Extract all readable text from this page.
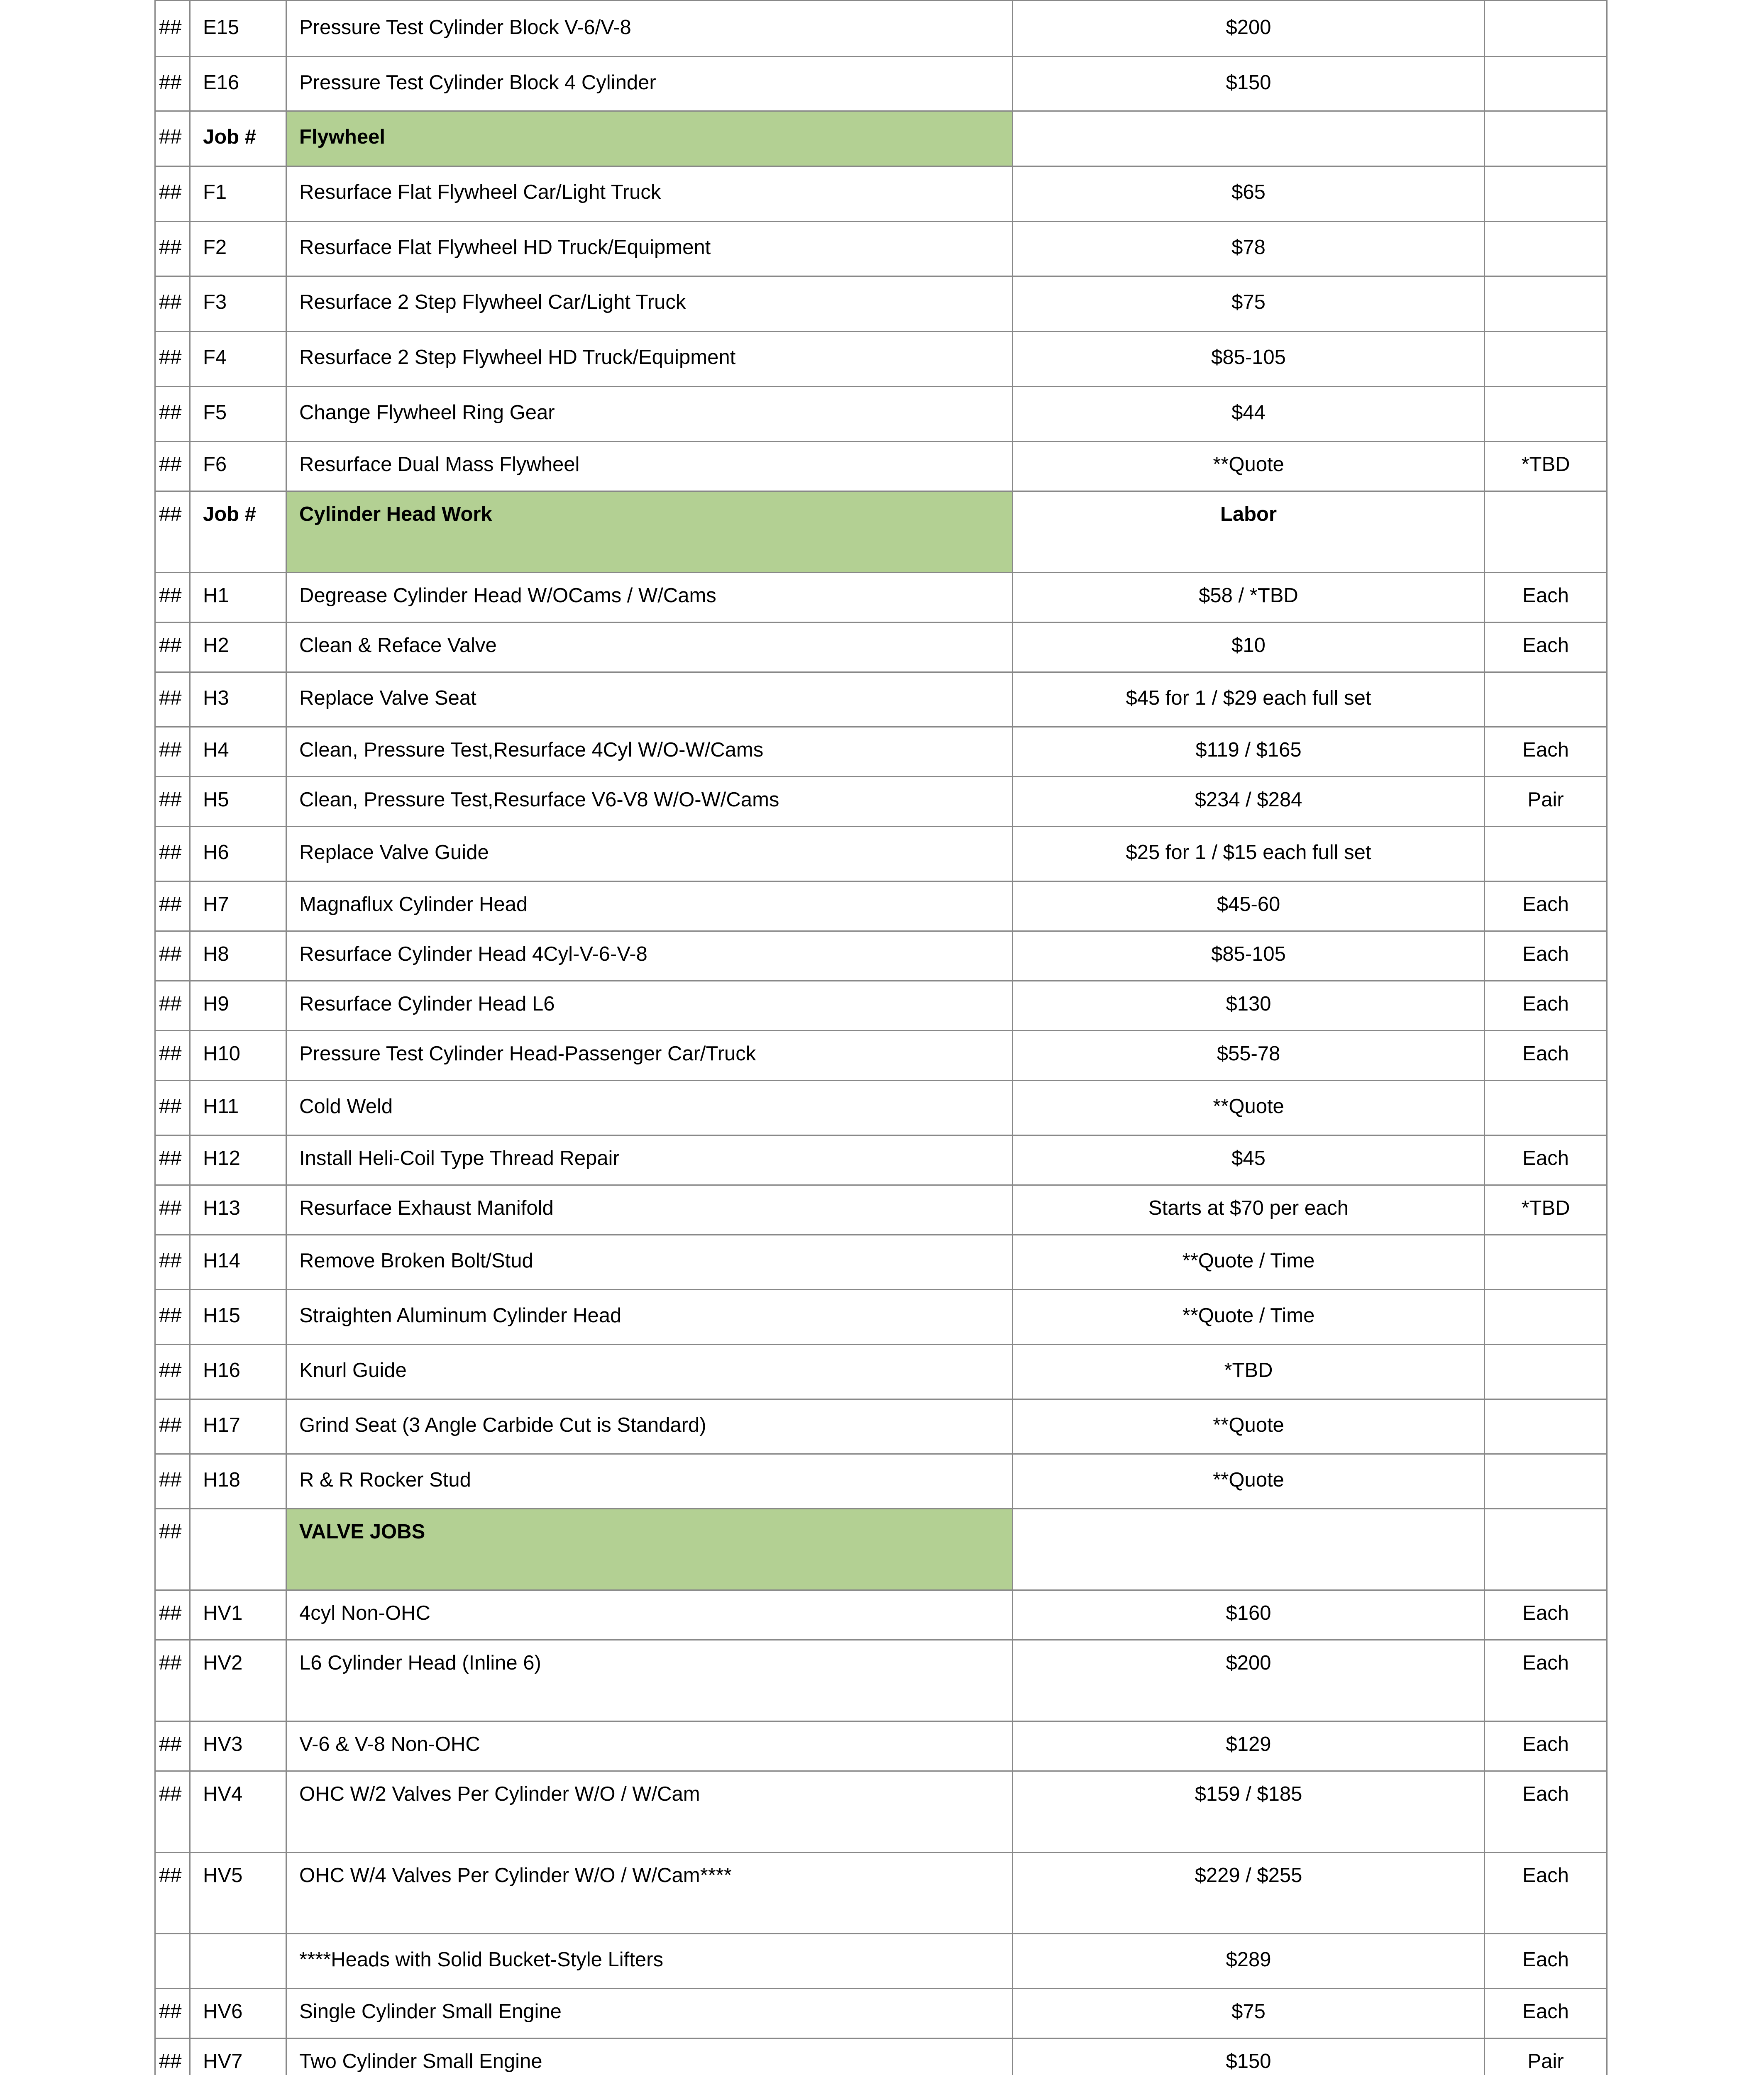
##	E15	Pressure Test Cylinder Block V-6/V-8	$200	
##	E16	Pressure Test Cylinder Block 4 Cylinder	$150	
##	Job #	Flywheel		
##	F1	Resurface Flat Flywheel Car/Light Truck	$65	
##	F2	Resurface Flat Flywheel HD Truck/Equipment	$78	
##	F3	Resurface 2 Step Flywheel Car/Light Truck	$75	
##	F4	Resurface 2 Step Flywheel HD Truck/Equipment	$85-105	
##	F5	Change Flywheel Ring Gear	$44	
##	F6	Resurface Dual Mass Flywheel	**Quote	*TBD
##	Job #	Cylinder Head Work	Labor	
##	H1	Degrease Cylinder Head W/OCams / W/Cams	$58 / *TBD	Each
##	H2	Clean & Reface Valve	$10	Each
##	H3	Replace Valve Seat	$45 for 1 / $29 each full set	
##	H4	Clean, Pressure Test,Resurface 4Cyl W/O-W/Cams	$119 / $165	Each
##	H5	Clean, Pressure Test,Resurface V6-V8 W/O-W/Cams	$234 / $284	Pair
##	H6	Replace Valve Guide	$25 for 1 / $15 each full set	
##	H7	Magnaflux Cylinder Head	$45-60	Each
##	H8	Resurface Cylinder Head 4Cyl-V-6-V-8	$85-105	Each
##	H9	Resurface Cylinder Head L6	$130	Each
##	H10	Pressure Test Cylinder Head-Passenger Car/Truck	$55-78	Each
##	H11	Cold Weld	**Quote	
##	H12	Install Heli-Coil Type Thread Repair	$45	Each
##	H13	Resurface Exhaust Manifold	Starts at $70 per each	*TBD
##	H14	Remove Broken Bolt/Stud	**Quote / Time	
##	H15	Straighten Aluminum Cylinder Head	**Quote / Time	
##	H16	Knurl Guide	*TBD	
##	H17	Grind Seat (3 Angle Carbide Cut is Standard)	**Quote	
##	H18	R & R Rocker Stud	**Quote	
##		VALVE JOBS		
##	HV1	4cyl Non-OHC	$160	Each
##	HV2	L6 Cylinder Head (Inline 6)	$200	Each
##	HV3	V-6 & V-8 Non-OHC	$129	Each
##	HV4	OHC W/2 Valves Per Cylinder W/O / W/Cam	$159 / $185	Each
##	HV5	OHC W/4 Valves Per Cylinder W/O / W/Cam****	$229 / $255	Each
		****Heads with Solid Bucket-Style Lifters	$289	Each
##	HV6	Single Cylinder Small Engine	$75	Each
##	HV7	Two Cylinder Small Engine	$150	Pair
